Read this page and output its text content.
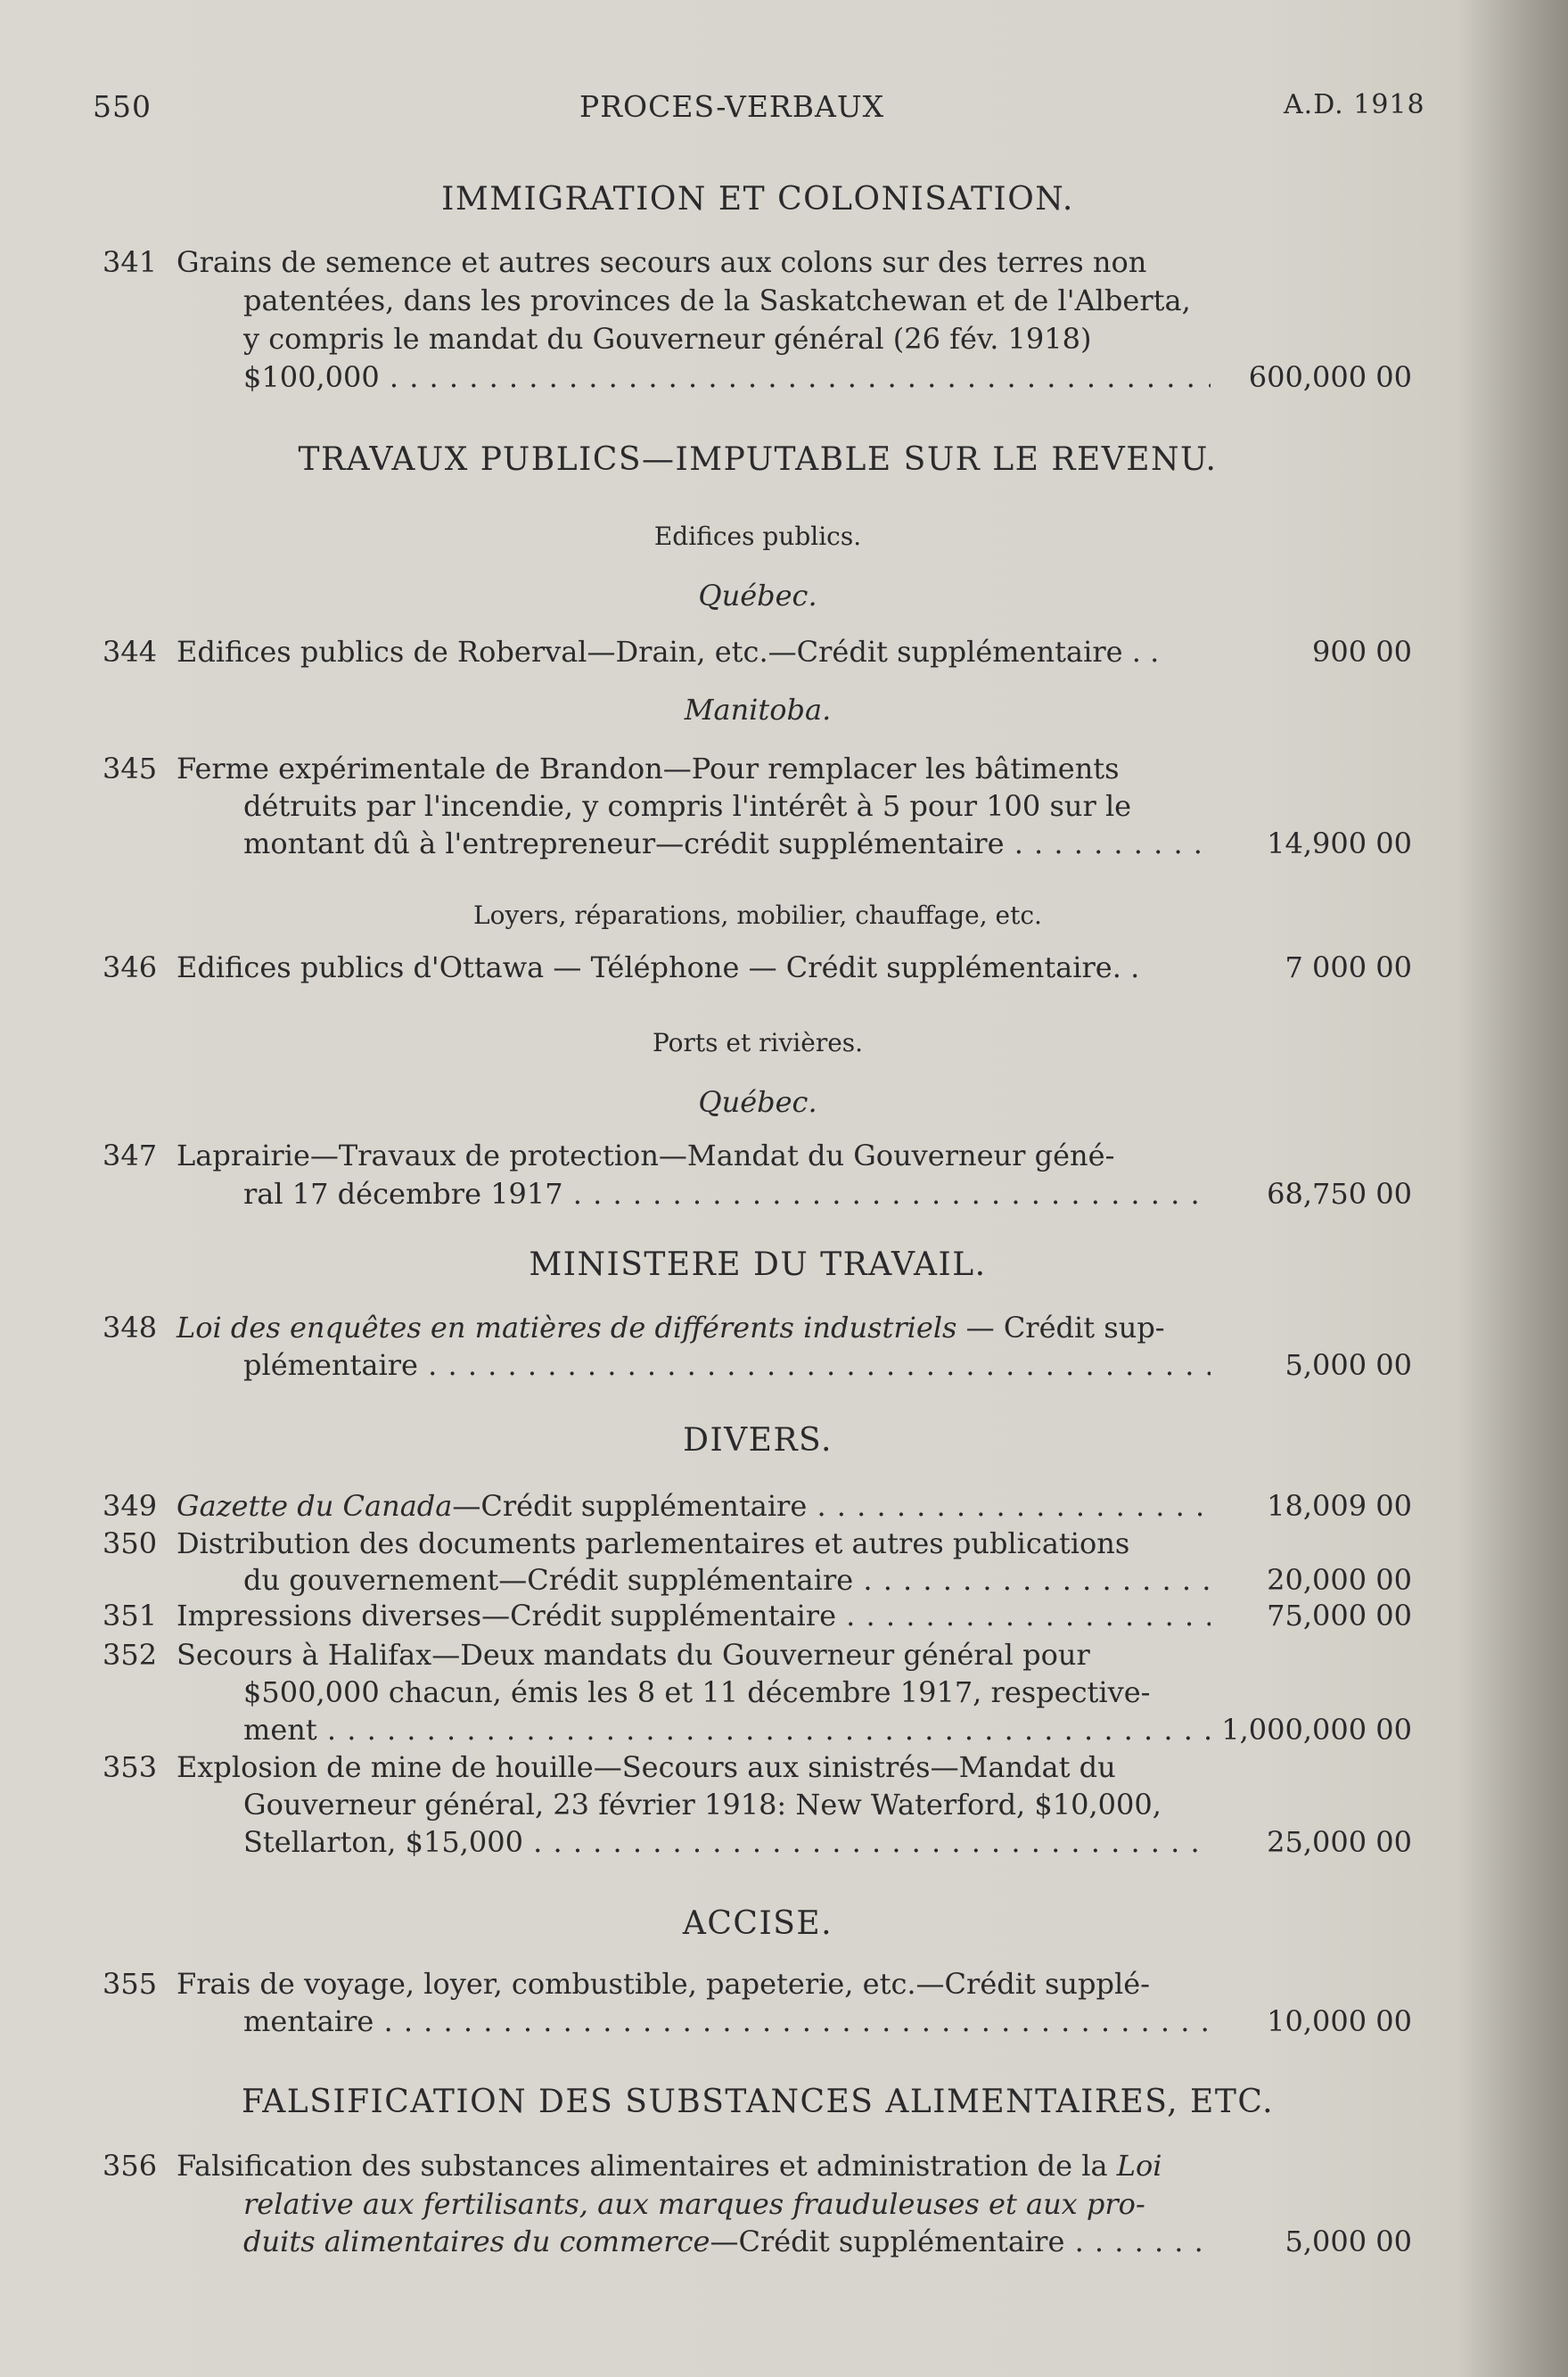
550	PROCES-VERBAUX	A.D. 1918
IMMIGRATION ET COLONISATION.
341 Grains de semence et autres secours aux colons sur des terres non
patentées, dans les provinces de la Saskatchewan et de l'Alberta,
y compris le mandat du Gouverneur général (26 fév. 1918)
$100,000 . . .	600,000 00
TRAVAUX PUBLICS—IMPUTABLE SUR LE REVENU.
Edifices publics.
Québec.
344 Edifices publics de Roberval—Drain, etc.—Crédit supplémentaire . .	900 00
Manitoba.
345 Ferme expérimentale de Brandon—Pour remplacer les bâtiments
détruits par l'incendie, y compris l'intérêt à 5 pour 100 sur le
montant dû à l'entrepreneur—crédit supplémentaire . . .	14,900 00
Loyers, réparations, mobilier, chauffage, etc.
346 Edifices publics d'Ottawa — Téléphone — Crédit supplémentaire. .	7 000 00
Ports et rivières.
Québec.
347 Laprairie—Travaux de protection—Mandat du Gouverneur géné-
ral 17 décembre 1917 . . .	68,750 00
MINISTERE DU TRAVAIL.
348 Loi des enquêtes en matières de différents industriels — Crédit sup-
plémentaire . . .	5,000 00
DIVERS.
349 Gazette du Canada—Crédit supplémentaire . . .	18,009 00
350 Distribution des documents parlementaires et autres publications
du gouvernement—Crédit supplémentaire . . .	20,000 00
351 Impressions diverses—Crédit supplémentaire . . .	75,000 00
352 Secours à Halifax—Deux mandats du Gouverneur général pour
$500,000 chacun, émis les 8 et 11 décembre 1917, respective-
ment . . .	1,000,000 00
353 Explosion de mine de houille—Secours aux sinistrés—Mandat du
Gouverneur général, 23 février 1918: New Waterford, $10,000,
Stellarton, $15,000 . . .	25,000 00
ACCISE.
355 Frais de voyage, loyer, combustible, papeterie, etc.—Crédit supplé-
mentaire . . .	10,000 00
FALSIFICATION DES SUBSTANCES ALIMENTAIRES, ETC.
356 Falsification des substances alimentaires et administration de la Loi
relative aux fertilisants, aux marques frauduleuses et aux pro-
duits alimentaires du commerce—Crédit supplémentaire . . .	5,000 00
